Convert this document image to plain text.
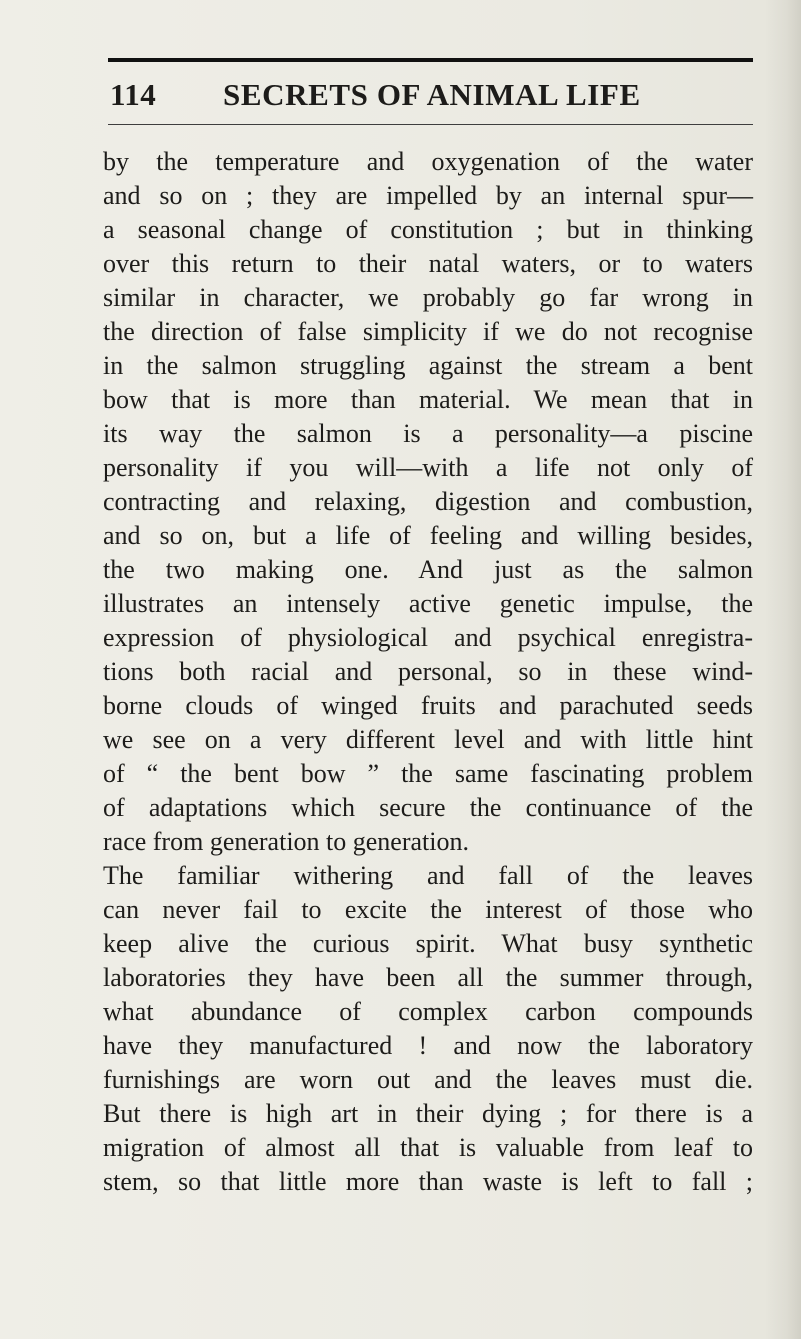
114 SECRETS OF ANIMAL LIFE
by the temperature and oxygenation of the water
and so on ; they are impelled by an internal spur—
a seasonal change of constitution ; but in thinking
over this return to their natal waters, or to waters
similar in character, we probably go far wrong in
the direction of false simplicity if we do not recognise
in the salmon struggling against the stream a bent
bow that is more than material. We mean that in
its way the salmon is a personality—a piscine
personality if you will—with a life not only of
contracting and relaxing, digestion and combustion,
and so on, but a life of feeling and willing besides,
the two making one. And just as the salmon
illustrates an intensely active genetic impulse, the
expression of physiological and psychical enregistra-
tions both racial and personal, so in these wind-
borne clouds of winged fruits and parachuted seeds
we see on a very different level and with little hint
of “ the bent bow ” the same fascinating problem
of adaptations which secure the continuance of the
race from generation to generation.
The familiar withering and fall of the leaves
can never fail to excite the interest of those who
keep alive the curious spirit. What busy synthetic
laboratories they have been all the summer through,
what abundance of complex carbon compounds
have they manufactured ! and now the laboratory
furnishings are worn out and the leaves must die.
But there is high art in their dying ; for there is a
migration of almost all that is valuable from leaf to
stem, so that little more than waste is left to fall ;
